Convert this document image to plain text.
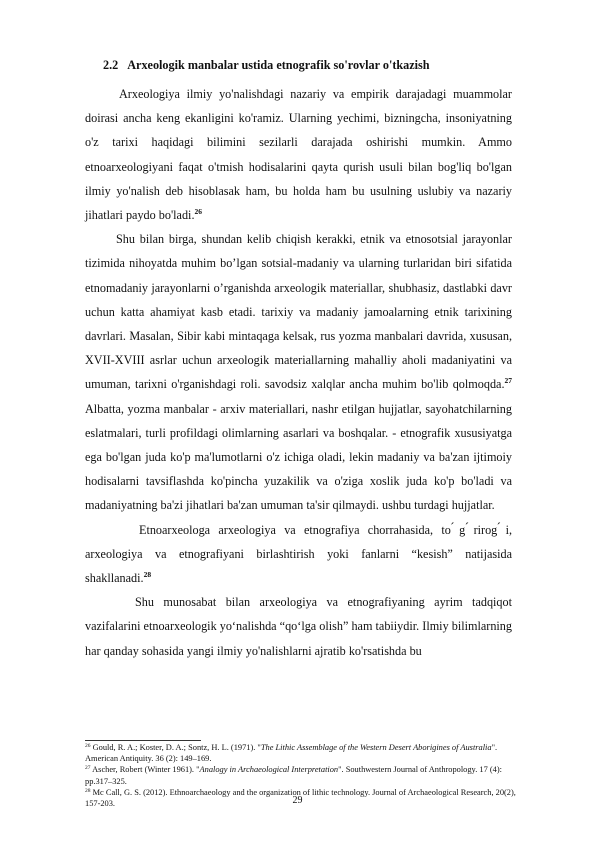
2.2 Arxeologik manbalar ustida etnografik so'rovlar o'tkazish

Arxeologiya ilmiy yo'nalishdagi nazariy va empirik darajadagi muammolar doirasi ancha keng ekanligini ko'ramiz. Ularning yechimi, bizningcha, insoniyatning o'z tarixi haqidagi bilimini sezilarli darajada oshirishi mumkin. Ammo etnoarxeologiyani faqat o'tmish hodisalarini qayta qurish usuli bilan bog'liq bo'lgan ilmiy yo'nalish deb hisoblasak ham, bu holda ham bu usulning uslubiy va nazariy jihatlari paydo bo'ladi.$^{26}$

Shu bilan birga, shundan kelib chiqish kerakki, etnik va etnosotsial jarayonlar tizimida nihoyatda muhim bo’lgan sotsial-madaniy va ularning turlaridan biri sifatida etnomadaniy jarayonlarni o’rganishda arxeologik materiallar, shubhasiz, dastlabki davr uchun katta ahamiyat kasb etadi. tarixiy va madaniy jamoalarning etnik tarixining davrlari. Masalan, Sibir kabi mintaqaga kelsak, rus yozma manbalari davrida, xususan, XVII-XVIII asrlar uchun arxeologik materiallarning mahalliy aholi madaniyatini va umuman, tarixni o'rganishdagi roli. savodsiz xalqlar ancha muhim bo'lib qolmoqda.$^{27}$ Albatta, yozma manbalar - arxiv materiallari, nashr etilgan hujjatlar, sayohatchilarning eslatmalari, turli profildagi olimlarning asarlari va boshqalar. - etnografik xususiyatga ega bo'lgan juda ko'p ma'lumotlarni o'z ichiga oladi, lekin madaniy va ba'zan ijtimoiy hodisalarni tavsiflashda ko'pincha yuzakilik va o'ziga xoslik juda ko'p bo'ladi va madaniyatning ba'zi jihatlari ba'zan umuman ta'sir qilmaydi. ushbu turdagi hujjatlar.

Etnoarxeologa arxeologiya va etnografiya chorrahasida, to ́g ́rirog ́i, arxeologiya va etnografiyani birlashtirish yoki fanlarni “kesish” natijasida shakllanadi.$^{28}$

Shu munosabat bilan arxeologiya va etnografiyaning ayrim tadqiqot vazifalarini etnoarxeologik yo‘nalishda “qo‘lga olish” ham tabiiydir. Ilmiy bilimlarning har qanday sohasida yangi ilmiy yo'nalishlarni ajratib ko'rsatishda bu

$^{26}$ Gould, R. A.; Koster, D. A.; Sontz, H. L. (1971). "The Lithic Assemblage of the Western Desert Aborigines of Australia". American Antiquity. 36 (2): 149–169.
$^{27}$ Ascher, Robert (Winter 1961). "Analogy in Archaeological Interpretation". Southwestern Journal of Anthropology. 17 (4): pp.317–325.
$^{28}$ Mc Call, G. S. (2012). Ethnoarchaeology and the organization of lithic technology. Journal of Archaeological Research, 20(2), 157-203.	29
